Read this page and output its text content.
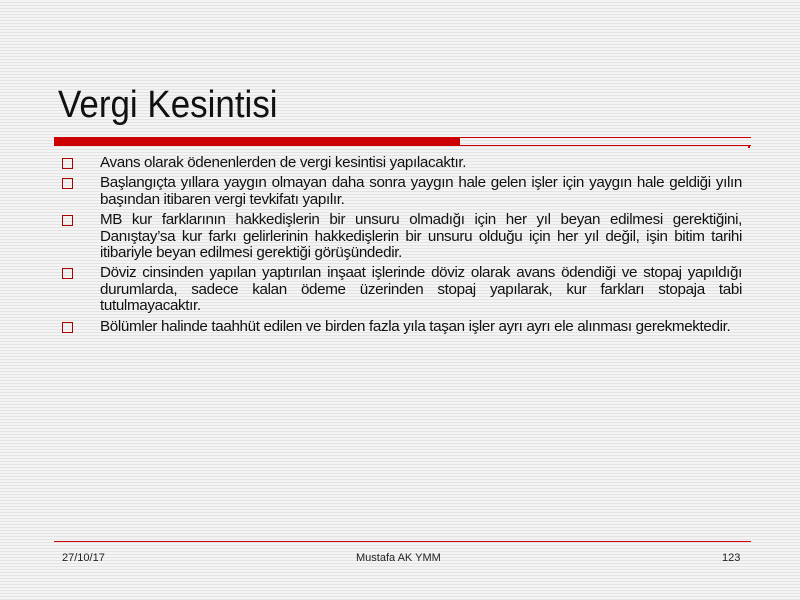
Vergi Kesintisi
Avans olarak ödenenlerden de vergi kesintisi yapılacaktır.
Başlangıçta yıllara yaygın olmayan daha sonra yaygın hale gelen işler için yaygın hale geldiği yılın başından itibaren vergi tevkifatı yapılır.
MB kur farklarının hakkedişlerin bir unsuru olmadığı için her yıl beyan edilmesi gerektiğini, Danıştay’sa kur farkı gelirlerinin hakkedişlerin bir unsuru olduğu için her yıl değil, işin bitim tarihi itibariyle beyan edilmesi gerektiği görüşündedir.
Döviz cinsinden yapılan yaptırılan inşaat işlerinde döviz olarak avans ödendiği ve stopaj yapıldığı durumlarda, sadece kalan ödeme üzerinden stopaj yapılarak, kur farkları stopaja tabi tutulmayacaktır.
Bölümler halinde taahhüt edilen ve birden fazla yıla taşan işler ayrı ayrı ele alınması gerekmektedir.
27/10/17	Mustafa AK YMM	123
